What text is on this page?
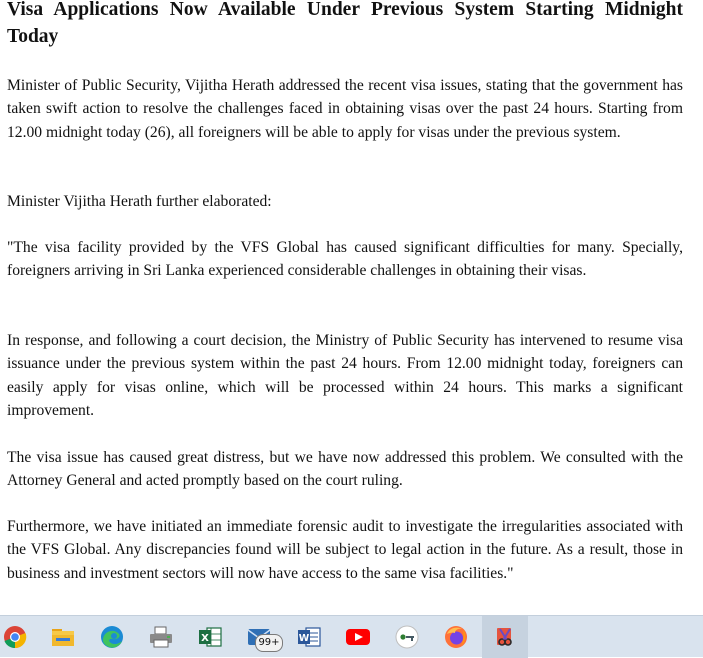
Visa Applications Now Available Under Previous System Starting Midnight Today

Minister of Public Security, Vijitha Herath addressed the recent visa issues, stating that the government has taken swift action to resolve the challenges faced in obtaining visas over the past 24 hours. Starting from 12.00 midnight today (26), all foreigners will be able to apply for visas under the previous system.

Minister Vijitha Herath further elaborated:

"The visa facility provided by the VFS Global has caused significant difficulties for many. Specially, foreigners arriving in Sri Lanka experienced considerable challenges in obtaining their visas.

In response, and following a court decision, the Ministry of Public Security has intervened to resume visa issuance under the previous system within the past 24 hours. From 12.00 midnight today, foreigners can easily apply for visas online, which will be processed within 24 hours. This marks a significant improvement.

The visa issue has caused great distress, but we have now addressed this problem. We consulted with the Attorney General and acted promptly based on the court ruling.

Furthermore, we have initiated an immediate forensic audit to investigate the irregularities associated with the VFS Global. Any discrepancies found will be subject to legal action in the future. As a result, those in business and investment sectors will now have access to the same visa facilities."

X	99+	W
